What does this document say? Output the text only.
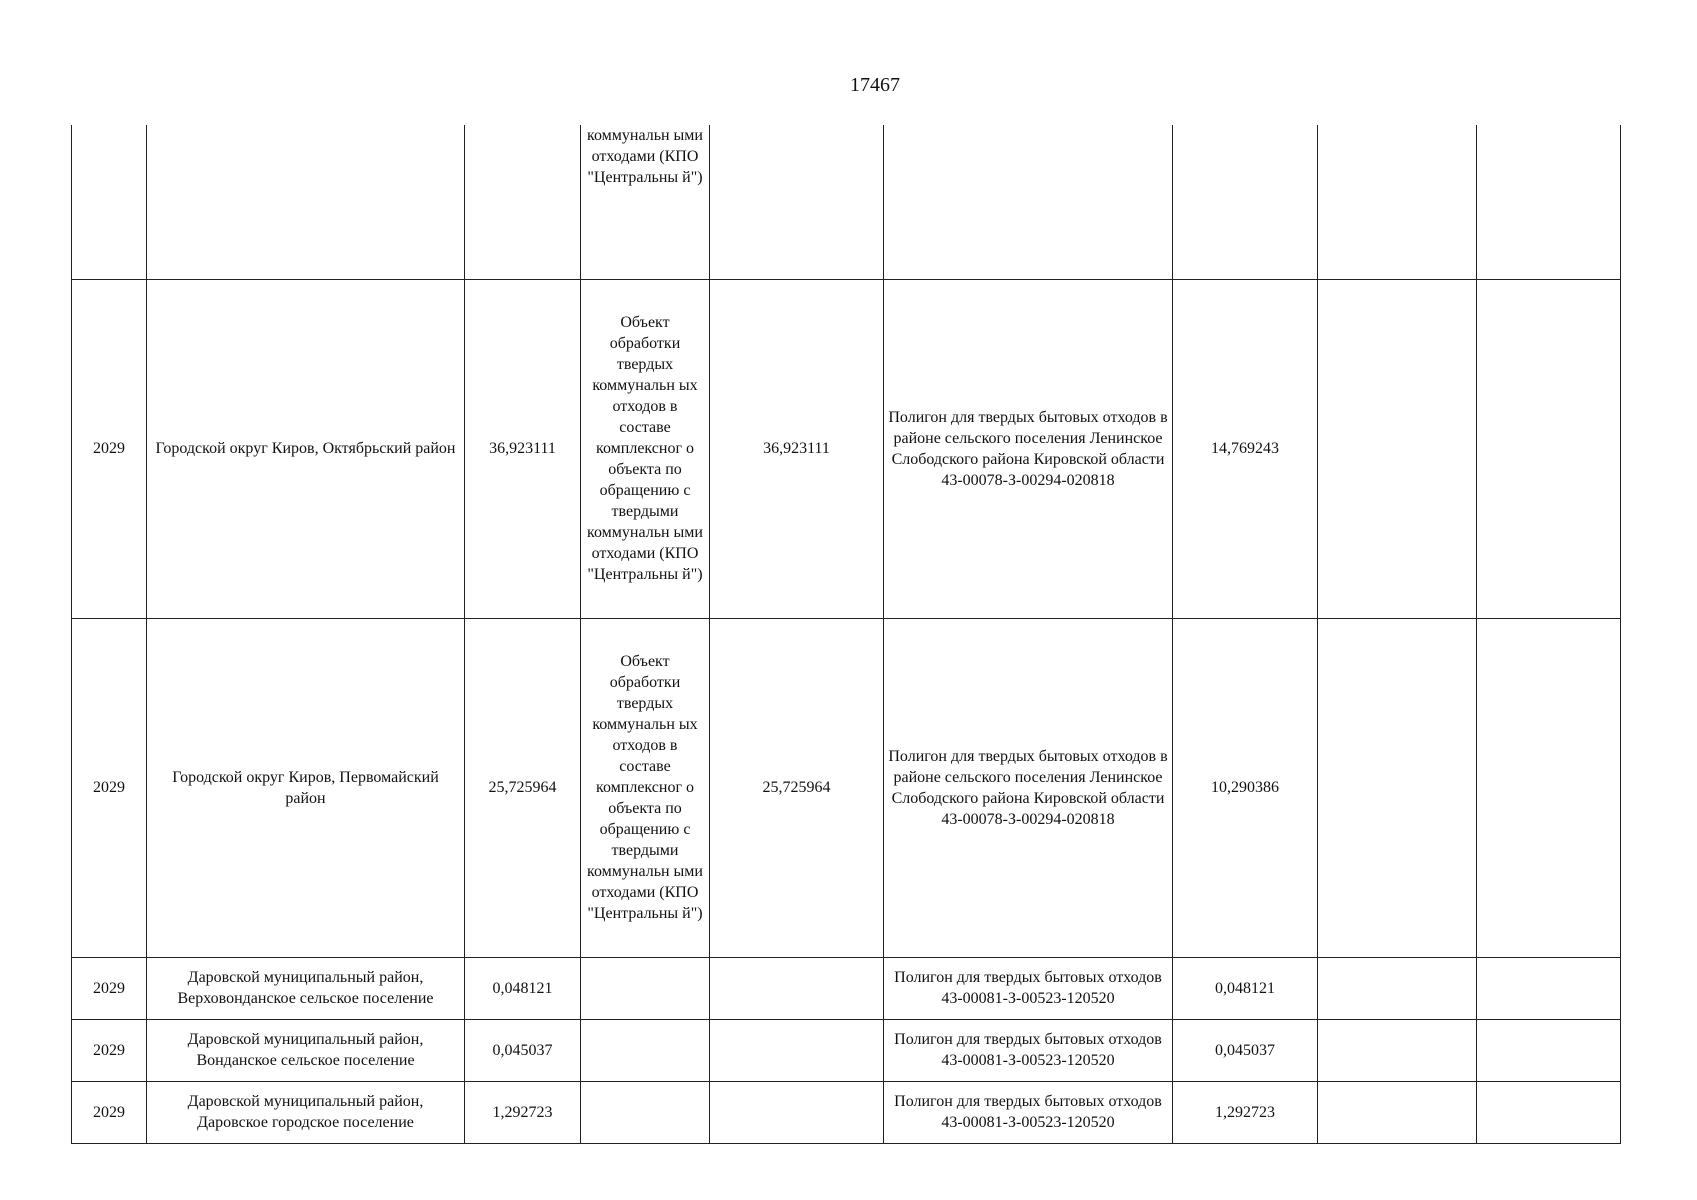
17467
			коммунальн ыми отходами (КПО "Центральны й")					
2029	Городской округ Киров, Октябрьский район	36,923111	Объект обработки твердых коммунальн ых отходов в составе комплексног о объекта по обращению с твердыми коммунальн ыми отходами (КПО "Центральны й")	36,923111	Полигон для твердых бытовых отходов в районе сельского поселения Ленинское Слободского района Кировской области 43-00078-З-00294-020818	14,769243		
2029	Городской округ Киров, Первомайский район	25,725964	Объект обработки твердых коммунальн ых отходов в составе комплексног о объекта по обращению с твердыми коммунальн ыми отходами (КПО "Центральны й")	25,725964	Полигон для твердых бытовых отходов в районе сельского поселения Ленинское Слободского района Кировской области 43-00078-З-00294-020818	10,290386		
2029	Даровской муниципальный район, Верховонданское сельское поселение	0,048121			Полигон для твердых бытовых отходов 43-00081-З-00523-120520	0,048121		
2029	Даровской муниципальный район, Вонданское сельское поселение	0,045037			Полигон для твердых бытовых отходов 43-00081-З-00523-120520	0,045037		
2029	Даровской муниципальный район, Даровское городское поселение	1,292723			Полигон для твердых бытовых отходов 43-00081-З-00523-120520	1,292723		
